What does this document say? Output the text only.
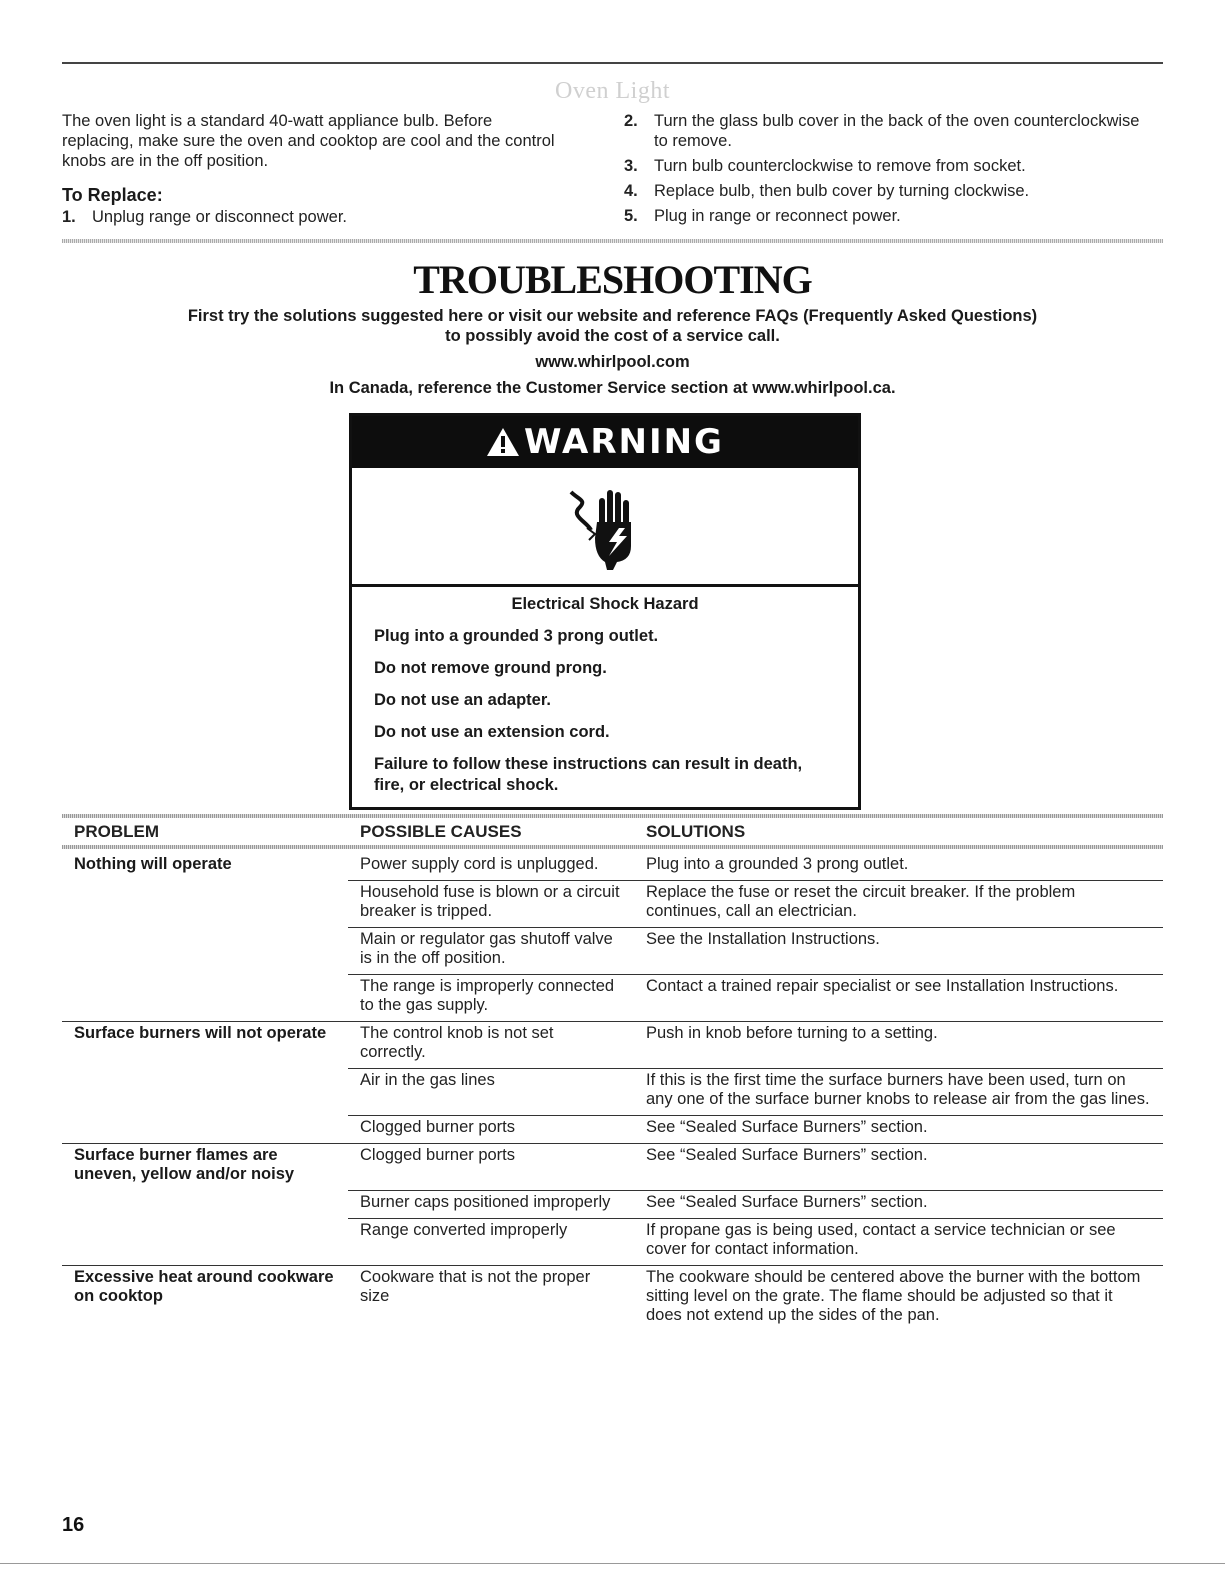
Oven Light
The oven light is a standard 40-watt appliance bulb. Before replacing, make sure the oven and cooktop are cool and the control knobs are in the off position.
To Replace:
1. Unplug range or disconnect power.
2. Turn the glass bulb cover in the back of the oven counterclockwise to remove.
3. Turn bulb counterclockwise to remove from socket.
4. Replace bulb, then bulb cover by turning clockwise.
5. Plug in range or reconnect power.
TROUBLESHOOTING
First try the solutions suggested here or visit our website and reference FAQs (Frequently Asked Questions)
to possibly avoid the cost of a service call.
www.whirlpool.com
In Canada, reference the Customer Service section at www.whirlpool.ca.
WARNING
Electrical Shock Hazard
Plug into a grounded 3 prong outlet.
Do not remove ground prong.
Do not use an adapter.
Do not use an extension cord.
Failure to follow these instructions can result in death, fire, or electrical shock.
PROBLEM	POSSIBLE CAUSES	SOLUTIONS
Nothing will operate	Power supply cord is unplugged.	Plug into a grounded 3 prong outlet.
	Household fuse is blown or a circuit breaker is tripped.	Replace the fuse or reset the circuit breaker. If the problem continues, call an electrician.
	Main or regulator gas shutoff valve is in the off position.	See the Installation Instructions.
	The range is improperly connected to the gas supply.	Contact a trained repair specialist or see Installation Instructions.
Surface burners will not operate	The control knob is not set correctly.	Push in knob before turning to a setting.
	Air in the gas lines	If this is the first time the surface burners have been used, turn on any one of the surface burner knobs to release air from the gas lines.
	Clogged burner ports	See “Sealed Surface Burners” section.
Surface burner flames are uneven, yellow and/or noisy	Clogged burner ports	See “Sealed Surface Burners” section.
	Burner caps positioned improperly	See “Sealed Surface Burners” section.
	Range converted improperly	If propane gas is being used, contact a service technician or see cover for contact information.
Excessive heat around cookware on cooktop	Cookware that is not the proper size	The cookware should be centered above the burner with the bottom sitting level on the grate. The flame should be adjusted so that it does not extend up the sides of the pan.
16
